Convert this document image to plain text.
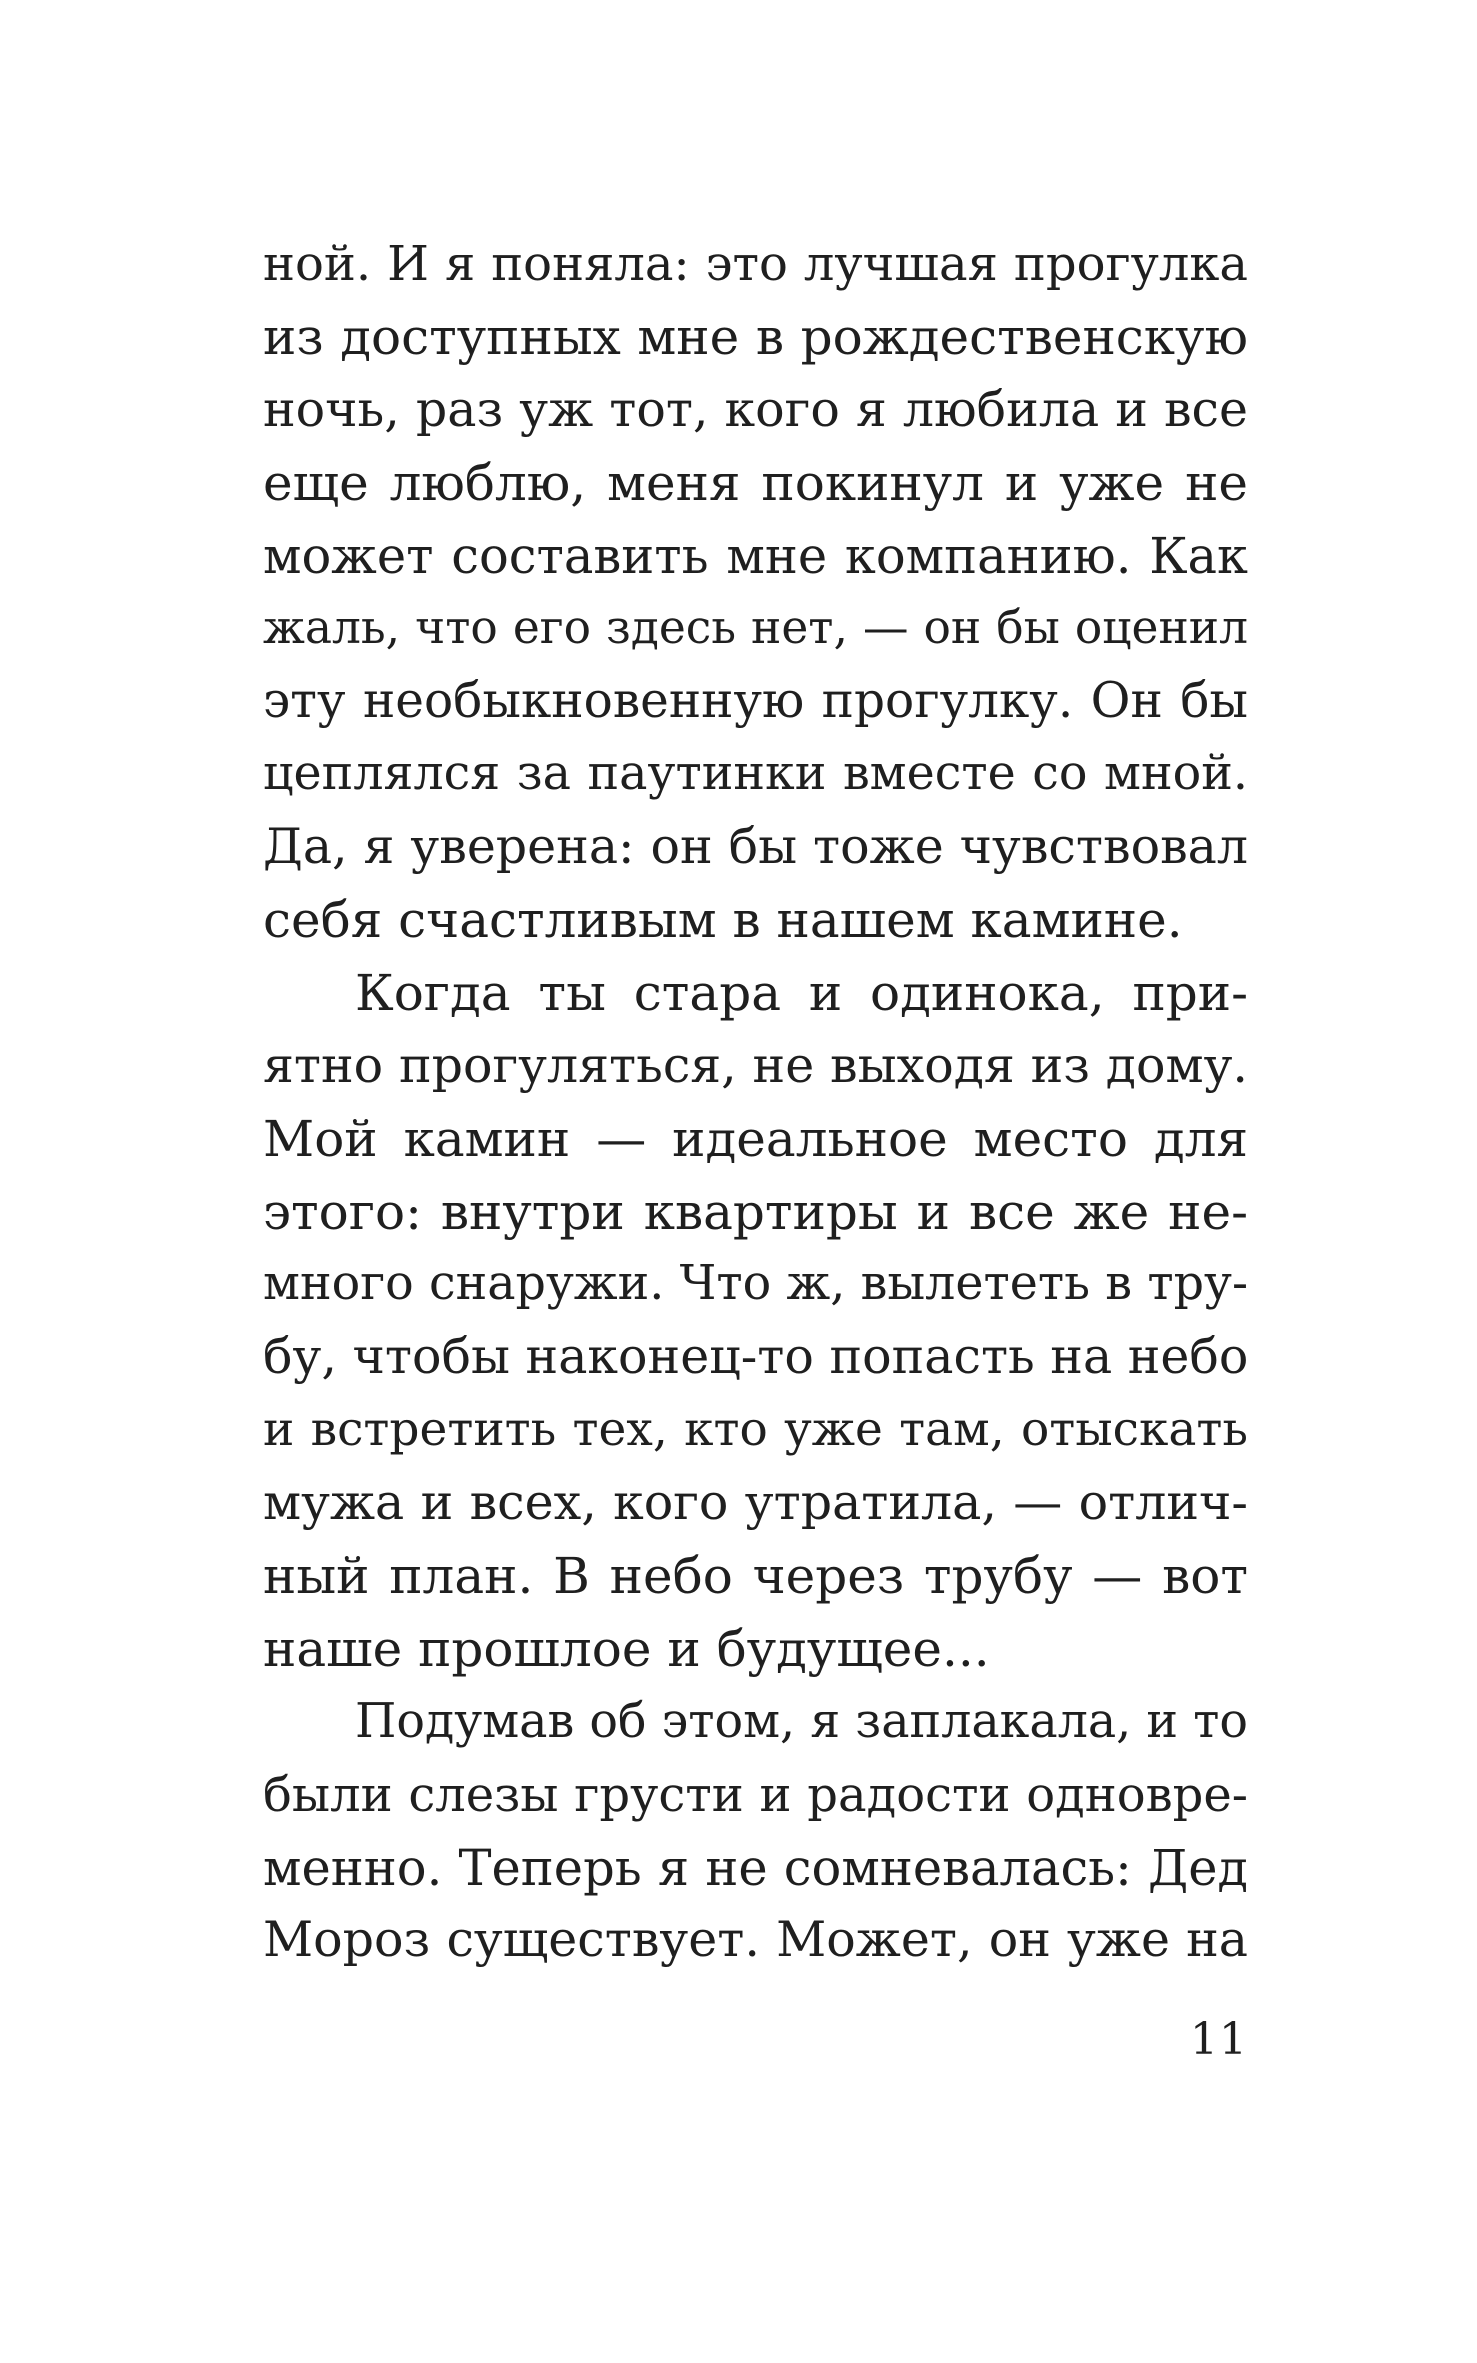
ной. И я поняла: это лучшая прогулка
из доступных мне в рождественскую
ночь, раз уж тот, кого я любила и все
еще люблю, меня покинул и уже не
может составить мне компанию. Как
жаль, что его здесь нет, — он бы оценил
эту необыкновенную прогулку. Он бы
цеплялся за паутинки вместе со мной.
Да, я уверена: он бы тоже чувствовал
себя счастливым в нашем камине.
Когда ты стара и одинока, при-
ятно прогуляться, не выходя из дому.
Мой камин — идеальное место для
этого: внутри квартиры и все же не-
много снаружи. Что ж, вылететь в тру-
бу, чтобы наконец-то попасть на небо
и встретить тех, кто уже там, отыскать
мужа и всех, кого утратила, — отлич-
ный план. В небо через трубу — вот
наше прошлое и будущее...
Подумав об этом, я заплакала, и то
были слезы грусти и радости одновре-
менно. Теперь я не сомневалась: Дед
Мороз существует. Может, он уже на
11
